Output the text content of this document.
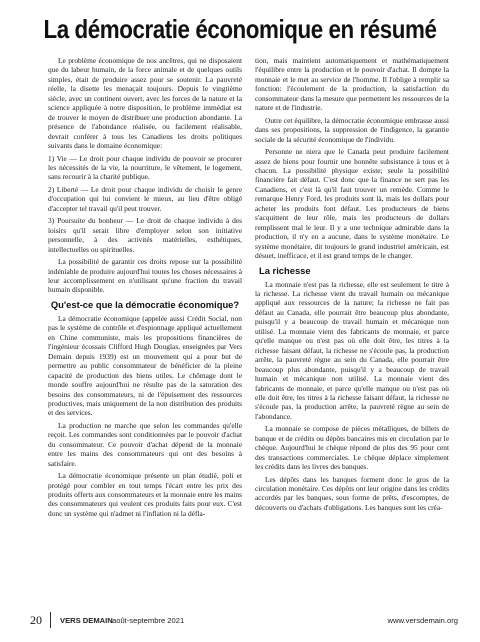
La démocratie économique en résumé

Le problème économique de nos ancêtres, qui ne disposaient que du labeur humain, de la force animale et de quelques outils simples, était de produire assez pour se soutenir. La pauvreté réelle, la disette les menaçait toujours. Depuis le vingtième siècle, avec un continent ouvert, avec les forces de la nature et la science appliquée à notre disposition, le problème immédiat est de trouver le moyen de distribuer une production abondante. La présence de l'abondance réalisée, ou facilement réalisable, devrait conférer à tous les Canadiens les droits politiques suivants dans le domaine économique:

1) Vie — Le droit pour chaque individu de pouvoir se procurer les nécessités de la vie, la nourriture, le vêtement, le logement, sans recourir à la charité publique.

2) Liberté — Le droit pour chaque individu de choisir le genre d'occupation qui lui convient le mieux, au lieu d'être obligé d'accepter tel travail qu'il peut trouver.

3) Poursuite du bonheur — Le droit de chaque individu à des loisirs qu'il serait libre d'employer selon son initiative personnelle, à des activités matérielles, esthétiques, intellectuelles ou spirituelles.

La possibilité de garantir ces droits repose sur la possibilité indéniable de produire aujourd'hui toutes les choses nécessaires à leur accomplissement en n'utilisant qu'une fraction du travail humain disponible.

Qu'est-ce que la démocratie économique?

La démocratie économique (appelée aussi Crédit Social, non pas le système de contrôle et d'espionnage appliqué actuellement en Chine communiste, mais les propositions financières de l'ingénieur écossais Clifford Hugh Douglas, enseignées par Vers Demain depuis 1939) est un mouvement qui a pour but de permettre au public consommateur de bénéficier de la pleine capacité de production des biens utiles. Le chômage dont le monde souffre aujourd'hui ne résulte pas de la saturation des besoins des consommateurs, ni de l'épuisement des ressources productives, mais uniquement de la non distribution des produits et des services.

La production ne marche que selon les commandes qu'elle reçoit. Les commandes sont conditionnées par le pouvoir d'achat du consommateur. Ce pouvoir d'achat dépend de la monnaie entre les mains des consommateurs qui ont des besoins à satisfaire.

La démocratie économique présente un plan étudié, poli et protégé pour combler en tout temps l'écart entre les prix des produits offerts aux consommateurs et la monnaie entre les mains des consommateurs qui veulent ces produits faits pour eux. C'est donc un système qui n'admet ni l'inflation ni la défla-

tion, mais maintient automatiquement et mathématiquement l'équilibre entre la production et le pouvoir d'achat. Il dompte la monnaie et le met au service de l'homme. Il l'oblige à remplir sa fonction: l'écoulement de la production, la satisfaction du consommateur dans la mesure que permettent les ressources de la nature et de l'industrie.

Outre cet équilibre, la démocratie économique embrasse aussi dans ses propositions, la suppression de l'indigence, la garantie sociale de la sécurité économique de l'individu.

Personne ne niera que le Canada peut produire facilement assez de biens pour fournir une honnête subsistance à tous et à chacun. La possibilité physique existe; seule la possibilité financière fait défaut. C'est donc que la finance ne sert pas les Canadiens, et c'est là qu'il faut trouver un remède. Comme le remarque Henry Ford, les produits sont là, mais les dollars pour acheter les produits font défaut. Les producteurs de biens s'acquittent de leur rôle, mais les producteurs de dollars remplissent mal le leur. Il y a une technique admirable dans la production, il n'y en a aucune, dans le système monétaire. Le système monétaire, dit toujours le grand industriel américain, est désuet, inefficace, et il est grand temps de le changer.

La richesse

La monnaie n'est pas la richesse, elle est seulement le titre à la richesse. La richesse vient du travail humain ou mécanique appliqué aux ressources de la nature; la richesse ne fait pas défaut au Canada, elle pourrait être beaucoup plus abondante, puisqu'il y a beaucoup de travail humain et mécanique non utilisé. La monnaie vient des fabricants de monnaie, et parce qu'elle manque ou n'est pas où elle doit être, les titres à la richesse faisant défaut, la richesse ne s'écoule pas, la production arrête, la pauvreté règne au sein du Canada, elle pourrait être beaucoup plus abondante, puisqu'il y a beaucoup de travail humain et mécanique non utilisé. La monnaie vient des fabricants de monnaie, et parce qu'elle manque ou n'est pas où elle doit être, les titres à la richesse faisant défaut, la richesse ne s'écoule pas, la production arrête, la pauvreté règne au sein de l'abondance.

La monnaie se compose de pièces métalliques, de billets de banque et de crédits ou dépôts bancaires mis en circulation par le chèque. Aujourd'hui le chèque répond de plus des 95 pour cent des transactions commerciales. Le chèque déplace simplement les crédits dans les livres des banques.

Les dépôts dans les banques forment donc le gros de la circulation monétaire. Ces dépôts ont leur origine dans les crédits accordés par les banques, sous forme de prêts, d'escomptes, de découverts ou d'achats d'obligations. Les banques sont les créa-

20 VERS DEMAIN août-septembre 2021	www.versdemain.org
